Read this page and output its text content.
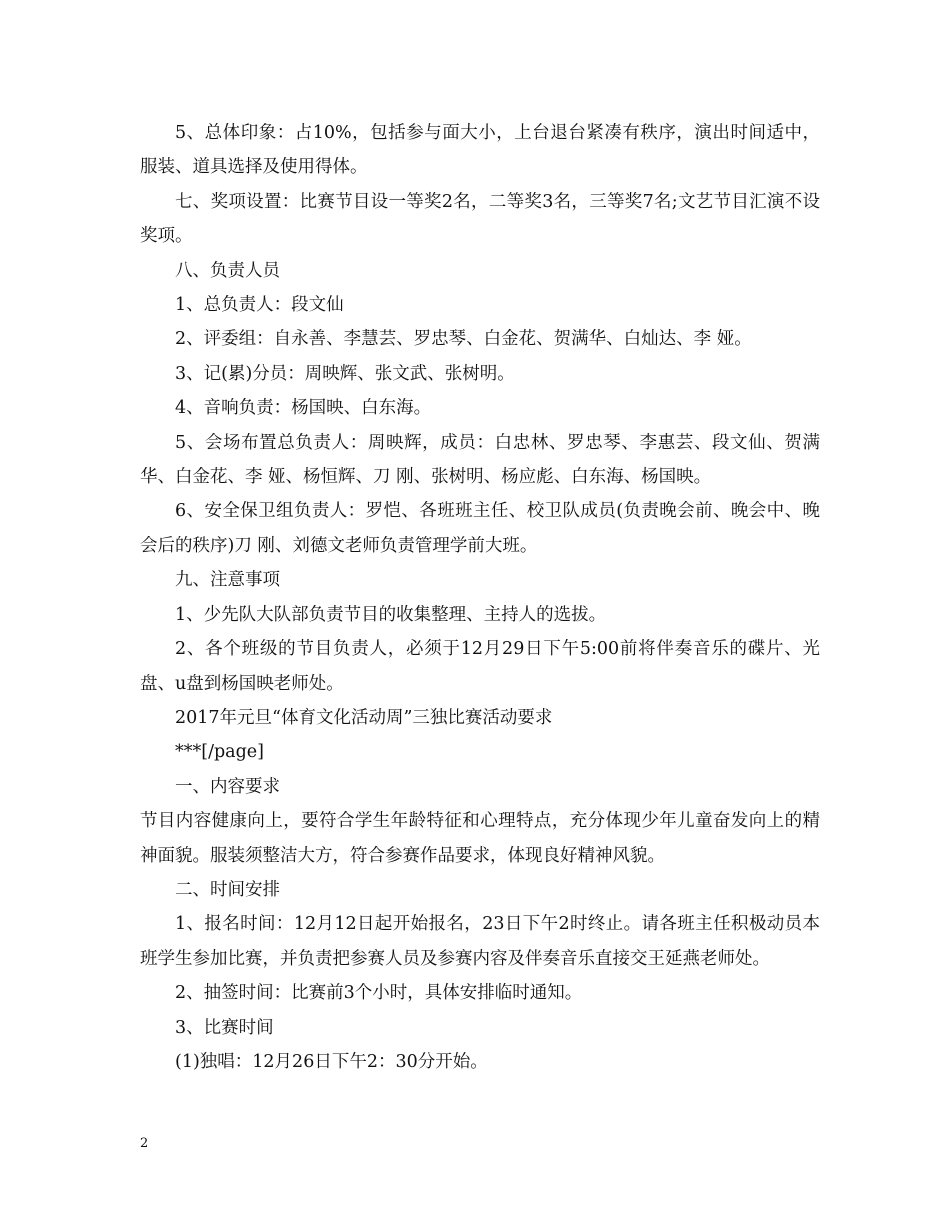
5、总体印象：占10%，包括参与面大小，上台退台紧凑有秩序，演出时间适中，服装、道具选择及使用得体。

七、奖项设置：比赛节目设一等奖2名，二等奖3名，三等奖7名;文艺节目汇演不设奖项。

八、负责人员

1、总负责人：段文仙

2、评委组：自永善、李慧芸、罗忠琴、白金花、贺满华、白灿达、李 娅。

3、记(累)分员：周映辉、张文武、张树明。

4、音响负责：杨国映、白东海。

5、会场布置总负责人：周映辉，成员：白忠林、罗忠琴、李惠芸、段文仙、贺满华、白金花、李 娅、杨恒辉、刀 刚、张树明、杨应彪、白东海、杨国映。

6、安全保卫组负责人：罗恺、各班班主任、校卫队成员(负责晚会前、晚会中、晚会后的秩序)刀 刚、刘德文老师负责管理学前大班。

九、注意事项

1、少先队大队部负责节目的收集整理、主持人的选拔。

2、各个班级的节目负责人，必须于12月29日下午5:00前将伴奏音乐的碟片、光盘、u盘到杨国映老师处。

2017年元旦“体育文化活动周”三独比赛活动要求

***[/page]

一、内容要求

节目内容健康向上，要符合学生年龄特征和心理特点，充分体现少年儿童奋发向上的精神面貌。服装须整洁大方，符合参赛作品要求，体现良好精神风貌。

二、时间安排

1、报名时间：12月12日起开始报名，23日下午2时终止。请各班主任积极动员本班学生参加比赛，并负责把参赛人员及参赛内容及伴奏音乐直接交王延燕老师处。

2、抽签时间：比赛前3个小时，具体安排临时通知。

3、比赛时间

(1)独唱：12月26日下午2：30分开始。

2
